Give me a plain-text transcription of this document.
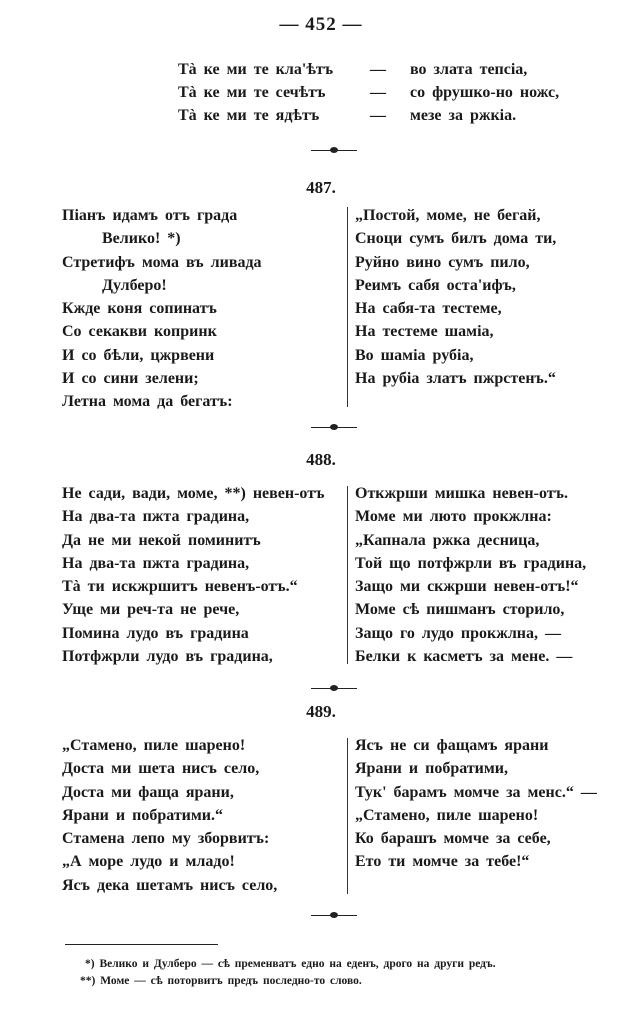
— 452 —
Tà ке ми те кла'ѣтъ — во злата тепсіа,
Tà ке ми те сечѣтъ	— со фрушко-но ножс,
Tà ке ми те ядѣтъ	— мезе за ржкіа.
487.
Піанъ идамъ отъ града
Велико! *)
Стретифъ мома въ ливада
Дулберо!
Кжде коня сопинатъ
Со секакви копринк
И со бѣли, цжрвени
И со сини зелени;
Летна мома да бегатъ:
„Постой, моме, не бегай,
Сноци сумъ билъ дома ти,
Руйно вино сумъ пило,
Реимъ сабя оста'ифъ,
На сабя-та тестеме,
На тестеме шаміа,
Во шаміа рубіа,
На рубіа златъ пжрстенъ.“
488.
Не сади, вади, моме, **) невен-отъ
На два-та пжта градина,
Да не ми некой поминитъ
На два-та пжта градина,
Tà ти искжршитъ невенъ-отъ.“
Уще ми реч-та не рече,
Помина лудо въ градина
Потфжрли лудо въ градина,
Откжрши мишка невен-отъ.
Моме ми люто прокжлна:
„Капнала ржка десница,
Той що потфжрли въ градина,
Защо ми скжрши невен-отъ!“
Моме сѣ пишманъ сторило,
Защо го лудо прокжлна, —
Белки к касметъ за мене. —
489.
„Стамено, пиле шарено!
Доста ми шета нисъ село,
Доста ми фаща ярани,
Ярани и побратими.“
Стамена лепо му зборвитъ:
„А море лудо и младо!
Ясъ дека шетамъ нисъ село,
Ясъ не си фащамъ ярани
Ярани и побратими,
Тук' барамъ момче за менс.“ —
„Стамено, пиле шарено!
Ко барашъ момче за себе,
Ето ти момче за тебе!“
*) Велико и Дулберо — сѣ пременватъ едно на еденъ, дрого на други редъ.
**) Моме — сѣ потoрвитъ предъ последно-то слово.
